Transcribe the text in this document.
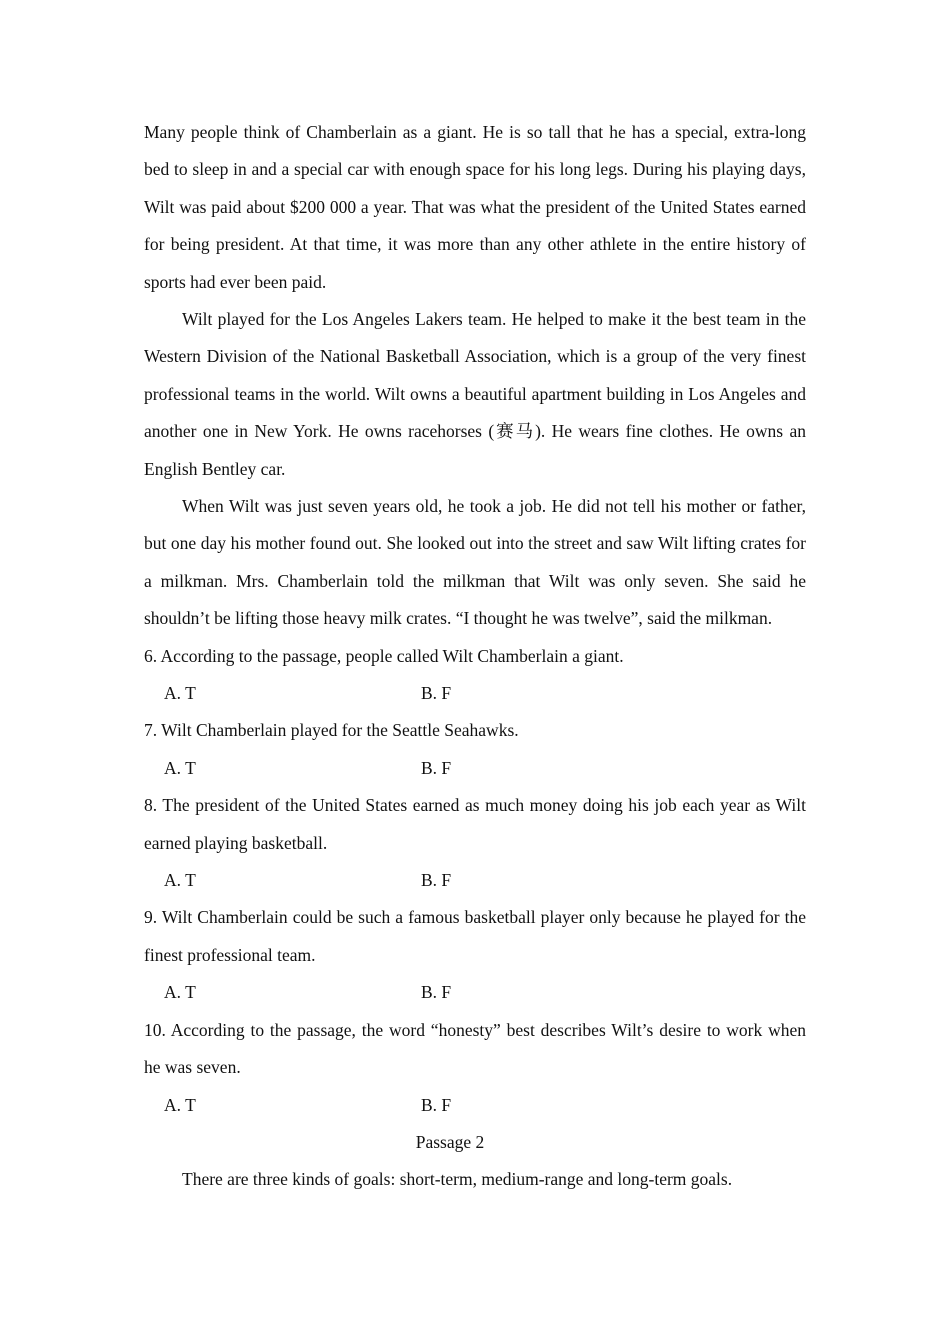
Many people think of Chamberlain as a giant. He is so tall that he has a special, extra-long bed to sleep in and a special car with enough space for his long legs. During his playing days, Wilt was paid about $200 000 a year. That was what the president of the United States earned for being president. At that time, it was more than any other athlete in the entire history of sports had ever been paid.

Wilt played for the Los Angeles Lakers team. He helped to make it the best team in the Western Division of the National Basketball Association, which is a group of the very finest professional teams in the world. Wilt owns a beautiful apartment building in Los Angeles and another one in New York. He owns racehorses (赛马). He wears fine clothes. He owns an English Bentley car.

When Wilt was just seven years old, he took a job. He did not tell his mother or father, but one day his mother found out. She looked out into the street and saw Wilt lifting crates for a milkman. Mrs. Chamberlain told the milkman that Wilt was only seven. She said he shouldn’t be lifting those heavy milk crates. “I thought he was twelve”, said the milkman.

6. According to the passage, people called Wilt Chamberlain a giant.

A. T	B. F

7. Wilt Chamberlain played for the Seattle Seahawks.

A. T	B. F

8. The president of the United States earned as much money doing his job each year as Wilt earned playing basketball.

A. T	B. F

9. Wilt Chamberlain could be such a famous basketball player only because he played for the finest professional team.

A. T	B. F

10. According to the passage, the word “honesty” best describes Wilt’s desire to work when he was seven.

A. T	B. F

Passage 2

There are three kinds of goals: short-term, medium-range and long-term goals.
